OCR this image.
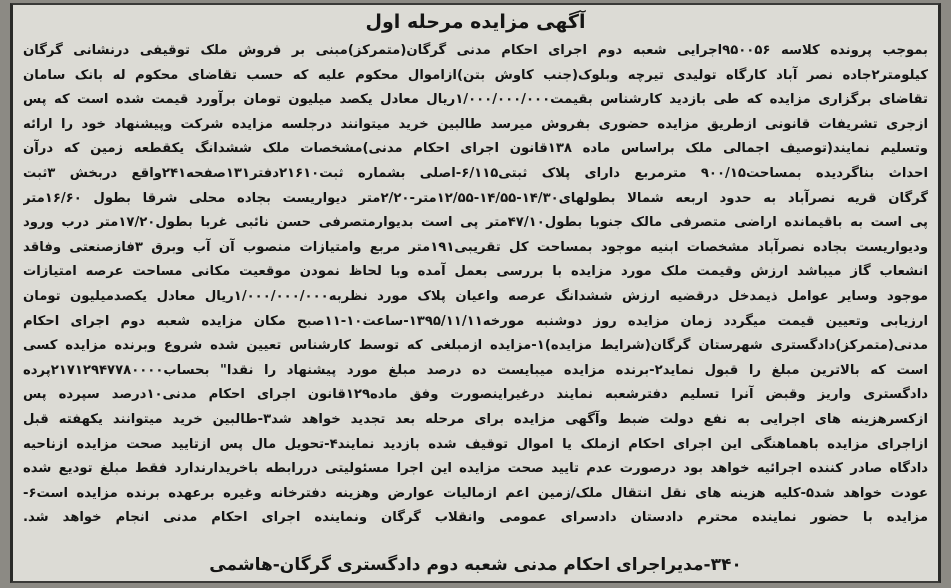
آگهی مزایده مرحله اول
بموجب پرونده کلاسه ۹۵۰۰۵۶اجرایی شعبه دوم اجرای احکام مدنی گرگان(متمرکز)مبنی بر فروش ملک توقیفی درنشانی گرگان
کیلومتر۲جاده نصر آباد کارگاه تولیدی تیرچه وبلوک(جنب کاوش بتن)ازاموال محکوم علیه که حسب تقاضای محکوم له بانک سامان
تقاضای برگزاری مزایده که طی بازدید کارشناس بقیمت۱/۰۰۰/۰۰۰/۰۰۰ریال معادل یکصد میلیون تومان برآورد قیمت شده است که پس
ازجری تشریفات قانونی ازطریق مزایده حضوری بفروش میرسد طالبین خرید میتوانند درجلسه مزایده شرکت وپیشنهاد خود را ارائه
وتسلیم نمایند(توصیف اجمالی ملک براساس ماده ۱۳۸قانون اجرای احکام مدنی)مشخصات ملک ششدانگ یکقطعه زمین که درآن
احداث بناگردیده بمساحت۹۰۰/۱۵ مترمربع دارای پلاک ثبتی۶/۱۱۵-اصلی بشماره ثبت۲۱۶۱۰دفتر۱۳۱صفحه۲۴۱واقع دربخش ۳ثبت
گرگان قریه نصرآباد به حدود اربعه شمالا بطولهای۱۴/۳۰-۱۴/۵۵-۱۲/۵۵متر-۲/۲۰متر دیواریست بجاده محلی شرقا بطول ۱۶/۶۰متر
پی است به باقیمانده اراضی متصرفی مالک جنوبا بطول۴۷/۱۰متر پی است بدیوارمتصرفی حسن نائبی غربا بطول۱۷/۲۰متر درب ورود
ودیواریست بجاده نصرآباد مشخصات ابنیه موجود بمساحت کل تقریبی۱۹۱متر مربع وامتیازات منصوب آن آب وبرق ۳فازصنعتی وفاقد
انشعاب گاز میباشد ارزش وقیمت ملک مورد مزایده با بررسی بعمل آمده وبا لحاظ نمودن موقعیت مکانی مساحت عرصه امتیازات
موجود وسایر عوامل ذیمدخل درقضیه ارزش ششدانگ عرصه واعیان پلاک مورد نظربه۱/۰۰۰/۰۰۰/۰۰۰ریال معادل یکصدمیلیون تومان
ارزیابی وتعیین قیمت میگردد زمان مزایده روز دوشنبه مورخه۱۳۹۵/۱۱/۱۱-ساعت۱۰-۱۱صبح مکان مزایده شعبه دوم اجرای احکام
مدنی(متمرکز)دادگستری شهرستان گرگان(شرایط مزایده)۱-مزایده ازمبلغی که توسط کارشناس تعیین شده شروع وبرنده مزایده کسی
است که بالاترین مبلغ را قبول نماید۲-برنده مزایده میبایست ده درصد مبلغ مورد پیشنهاد را نقدا" بحساب۲۱۷۱۲۹۴۷۷۸۰۰۰۰پرده
دادگستری واریز وقبض آنرا تسلیم دفترشعبه نمایند درغیراینصورت وفق ماده۱۲۹قانون اجرای احکام مدنی۱۰درصد سپرده پس
ازکسرهزینه های اجرایی به نفع دولت ضبط وآگهی مزایده برای مرحله بعد تجدید خواهد شد۳-طالبین خرید میتوانند یکهفته قبل
ازاجرای مزایده باهماهنگی این اجرای احکام ازملک یا اموال توقیف شده بازدید نمایند۴-تحویل مال پس ازتایید صحت مزایده ازناحیه
دادگاه صادر کننده اجرائیه خواهد بود درصورت عدم تایید صحت مزایده این اجرا مسئولیتی دررابطه باخریدارندارد فقط مبلغ تودیع شده
عودت خواهد شد۵-کلیه هزینه های نقل انتقال ملک/زمین اعم ازمالیات عوارض وهزینه دفترخانه وغیره برعهده برنده مزایده است۶-
مزایده با حضور نماینده محترم دادستان دادسرای عمومی وانقلاب گرگان ونماینده اجرای احکام مدنی انجام خواهد شد.

۳۴۰-مدیراجرای احکام مدنی شعبه دوم دادگستری گرگان-هاشمی
